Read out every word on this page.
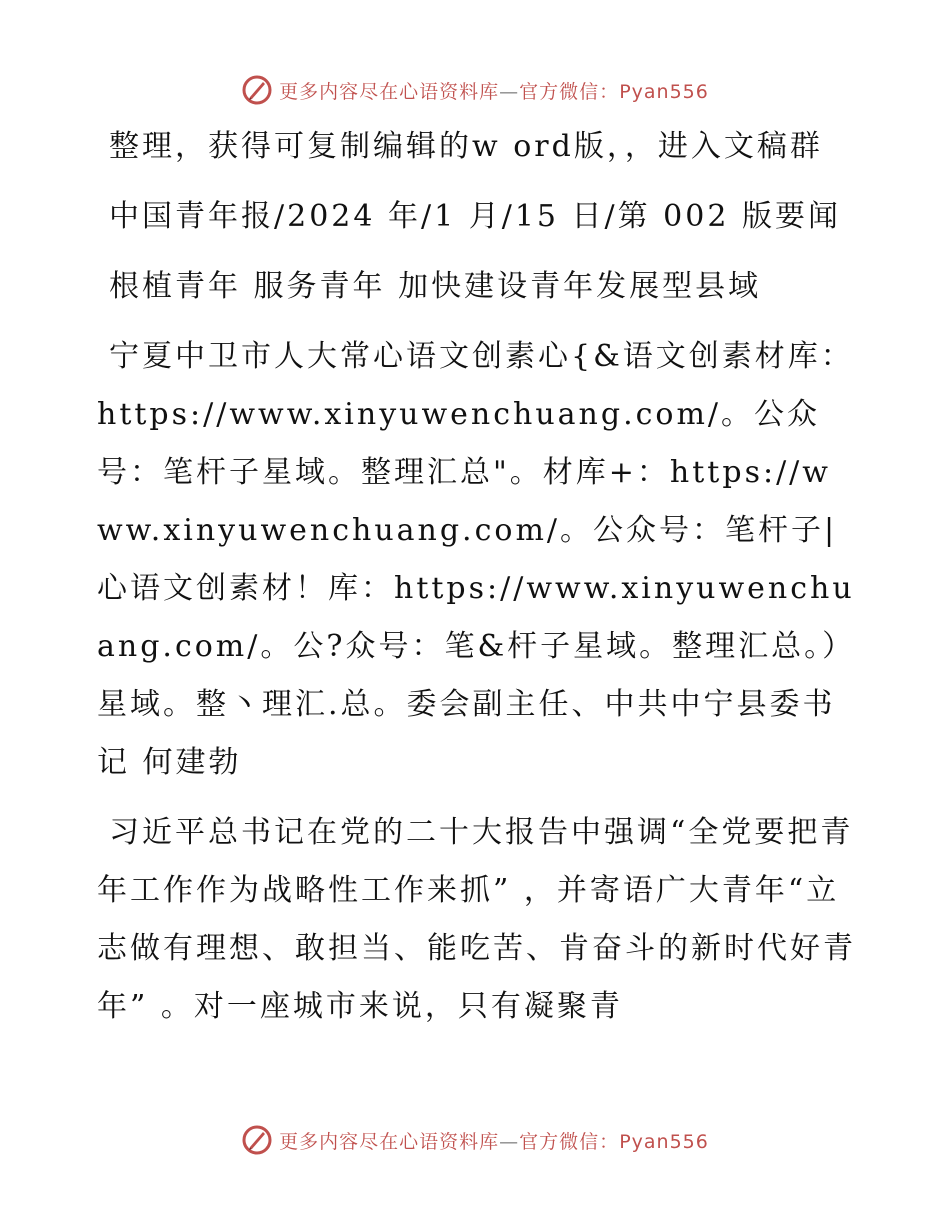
更多内容尽在心语资料库—官方微信：Pyan556

整理，获得可复制编辑的w ord版，，进入文稿群

中国青年报/2024 年/1 月/15 日/第 002 版要闻

根植青年 服务青年 加快建设青年发展型县域

宁夏中卫市人大常心语文创素心{&语文创素材库：https://www.xinyuwenchuang.com/。公众号：笔杆子星域。整理汇总"。材库+：https://www.xinyuwenchuang.com/。公众号：笔杆子|心语文创素材！库：https://www.xinyuwenchuang.com/。公?众号：笔&杆子星域。整理汇总。）星域。整丶理汇.总。委会副主任、中共中宁县委书记 何建勃

习近平总书记在党的二十大报告中强调“全党要把青年工作作为战略性工作来抓” ，并寄语广大青年“立志做有理想、敢担当、能吃苦、肯奋斗的新时代好青年” 。对一座城市来说，只有凝聚青

更多内容尽在心语资料库—官方微信：Pyan556
